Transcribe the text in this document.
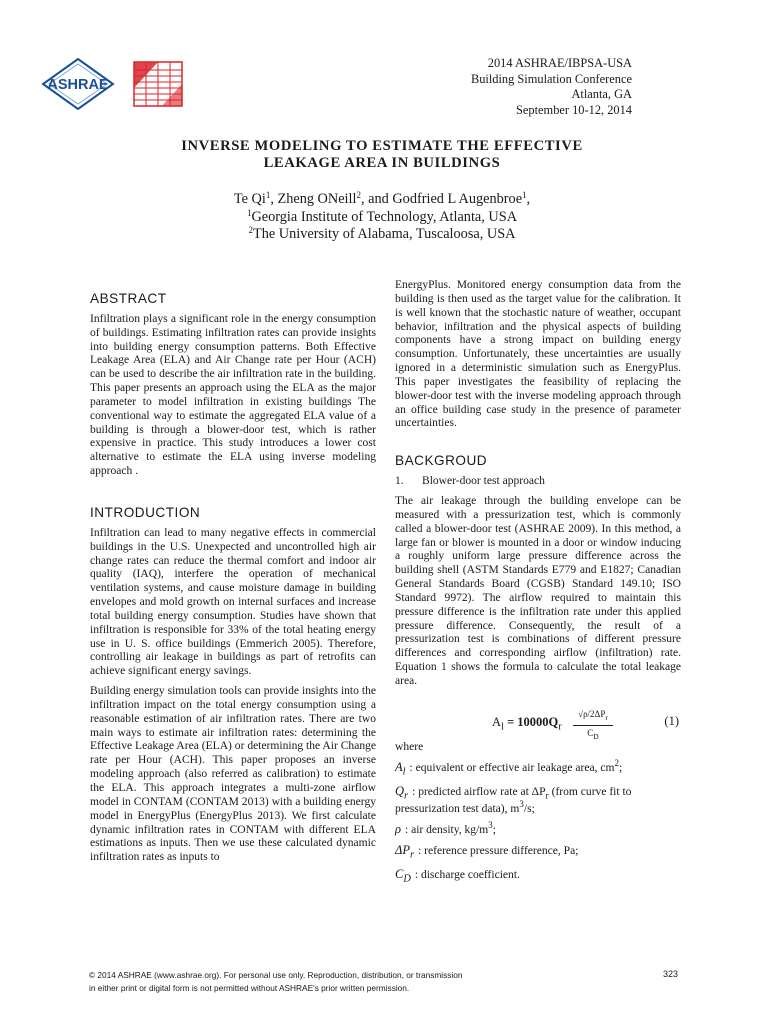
ASHRAE
2014 ASHRAE/IBPSA-USA
Building Simulation Conference
Atlanta, GA
September 10-12, 2014
INVERSE MODELING TO ESTIMATE THE EFFECTIVE
LEAKAGE AREA IN BUILDINGS
Te Qi$^1$, Zheng ONeill$^2$, and Godfried L Augenbroe$^1$,
$^1$Georgia Institute of Technology, Atlanta, USA
$^2$The University of Alabama, Tuscaloosa, USA
ABSTRACT

Infiltration plays a significant role in the energy consumption of buildings. Estimating infiltration rates can provide insights into building energy consumption patterns. Both Effective Leakage Area (ELA) and Air Change rate per Hour (ACH) can be used to describe the air infiltration rate in the building. This paper presents an approach using the ELA as the major parameter to model infiltration in existing buildings The conventional way to estimate the aggregated ELA value of a building is through a blower-door test, which is rather expensive in practice. This study introduces a lower cost alternative to estimate the ELA using inverse modeling approach .

INTRODUCTION

Infiltration can lead to many negative effects in commercial buildings in the U.S. Unexpected and uncontrolled high air change rates can reduce the thermal comfort and indoor air quality (IAQ), interfere the operation of mechanical ventilation systems, and cause moisture damage in building envelopes and mold growth on internal surfaces and increase total building energy consumption. Studies have shown that infiltration is responsible for 33% of the total heating energy use in U. S. office buildings (Emmerich 2005). Therefore, controlling air leakage in buildings as part of retrofits can achieve significant energy savings.

Building energy simulation tools can provide insights into the infiltration impact on the total energy consumption using a reasonable estimation of air infiltration rates. There are two main ways to estimate air infiltration rates: determining the Effective Leakage Area (ELA) or determining the Air Change rate per Hour (ACH). This paper proposes an inverse modeling approach (also referred as calibration) to estimate the ELA. This approach integrates a multi-zone airflow model in CONTAM (CONTAM 2013) with a building energy model in EnergyPlus (EnergyPlus 2013). We first calculate dynamic infiltration rates in CONTAM with different ELA estimations as inputs. Then we use these calculated dynamic infiltration rates as inputs to

EnergyPlus. Monitored energy consumption data from the building is then used as the target value for the calibration. It is well known that the stochastic nature of weather, occupant behavior, infiltration and the physical aspects of building components have a strong impact on building energy consumption. Unfortunately, these uncertainties are usually ignored in a deterministic simulation such as EnergyPlus. This paper investigates the feasibility of replacing the blower-door test with the inverse modeling approach through an office building case study in the presence of parameter uncertainties.

BACKGROUD
1. Blower-door test approach

The air leakage through the building envelope can be measured with a pressurization test, which is commonly called a blower-door test (ASHRAE 2009). In this method, a large fan or blower is mounted in a door or window inducing a roughly uniform large pressure difference across the building shell (ASTM Standards E779 and E1827; Canadian General Standards Board (CGSB) Standard 149.10; ISO Standard 9972). The airflow required to maintain this pressure difference is the infiltration rate under this applied pressure difference. Consequently, the result of a pressurization test is combinations of different pressure differences and corresponding airflow (infiltration) rate. Equation 1 shows the formula to calculate the total leakage area.

$A_l = 10000Q_r$
$√\rho/2\Delta P_r$
$C_D$
(1)

where

$A_l$ : equivalent or effective air leakage area, $cm^2$;

$Q_r$ : predicted airflow rate at $\Delta P_r$ (from curve fit to pressurization test data), $m^3/s$;

ρ : air density, $kg/m^3$;

$\Delta P_r$ : reference pressure difference, Pa;

$C_D$ : discharge coefficient.

© 2014 ASHRAE (www.ashrae.org). For personal use only. Reproduction, distribution, or transmission
in either print or digital form is not permitted without ASHRAE's prior written permission.
323
